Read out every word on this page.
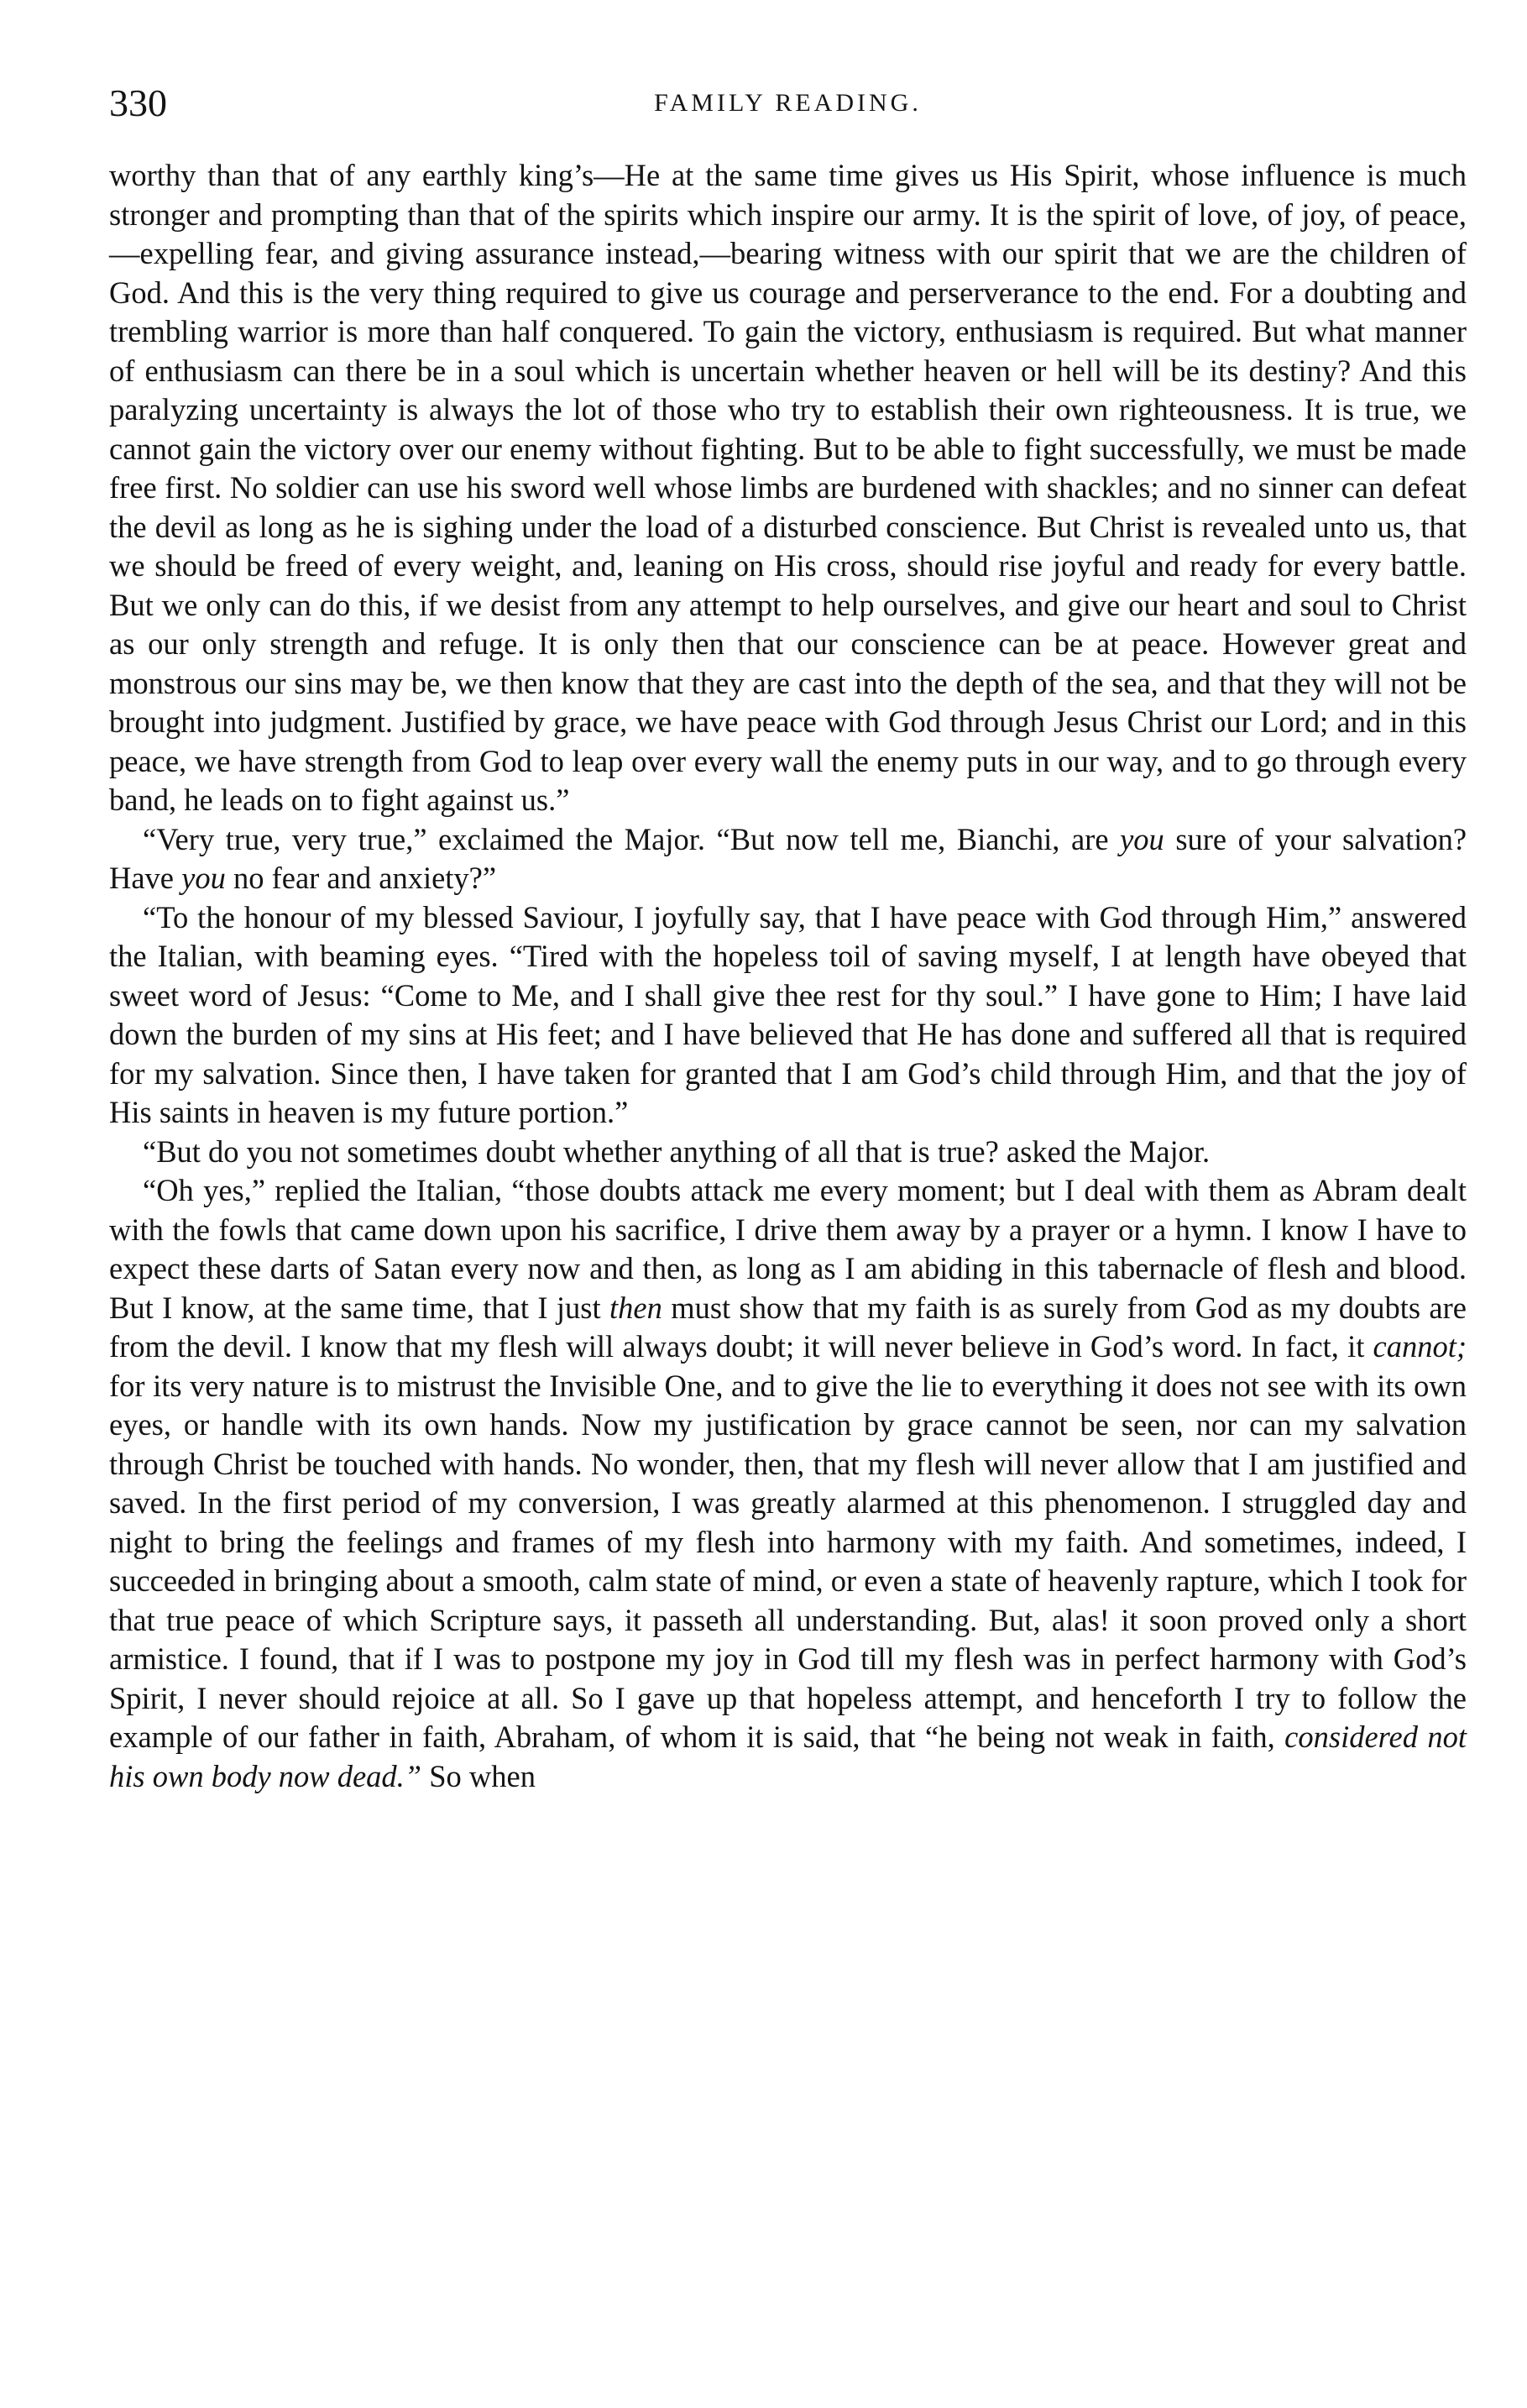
330	FAMILY READING.

worthy than that of any earthly king’s—He at the same time gives us His Spirit, whose influence is much stronger and prompting than that of the spirits which inspire our army. It is the spirit of love, of joy, of peace,—expelling fear, and giving assurance instead,—bearing witness with our spirit that we are the children of God. And this is the very thing required to give us courage and perserverance to the end. For a doubting and trembling warrior is more than half conquered. To gain the victory, enthusiasm is required. But what manner of enthusiasm can there be in a soul which is uncertain whether heaven or hell will be its destiny? And this paralyzing uncertainty is always the lot of those who try to establish their own righteousness. It is true, we cannot gain the victory over our enemy without fighting. But to be able to fight successfully, we must be made free first. No soldier can use his sword well whose limbs are burdened with shackles; and no sinner can defeat the devil as long as he is sighing under the load of a disturbed conscience. But Christ is revealed unto us, that we should be freed of every weight, and, leaning on His cross, should rise joyful and ready for every battle. But we only can do this, if we desist from any attempt to help ourselves, and give our heart and soul to Christ as our only strength and refuge. It is only then that our conscience can be at peace. However great and monstrous our sins may be, we then know that they are cast into the depth of the sea, and that they will not be brought into judgment. Justified by grace, we have peace with God through Jesus Christ our Lord; and in this peace, we have strength from God to leap over every wall the enemy puts in our way, and to go through every band, he leads on to fight against us.”

“Very true, very true,” exclaimed the Major. “But now tell me, Bianchi, are you sure of your salvation? Have you no fear and anxiety?”

“To the honour of my blessed Saviour, I joyfully say, that I have peace with God through Him,” answered the Italian, with beaming eyes. “Tired with the hopeless toil of saving myself, I at length have obeyed that sweet word of Jesus: “Come to Me, and I shall give thee rest for thy soul.” I have gone to Him; I have laid down the burden of my sins at His feet; and I have believed that He has done and suffered all that is required for my salvation. Since then, I have taken for granted that I am God’s child through Him, and that the joy of His saints in heaven is my future portion.”

“But do you not sometimes doubt whether anything of all that is true? asked the Major.

“Oh yes,” replied the Italian, “those doubts attack me every moment; but I deal with them as Abram dealt with the fowls that came down upon his sacrifice, I drive them away by a prayer or a hymn. I know I have to expect these darts of Satan every now and then, as long as I am abiding in this tabernacle of flesh and blood. But I know, at the same time, that I just then must show that my faith is as surely from God as my doubts are from the devil. I know that my flesh will always doubt; it will never believe in God’s word. In fact, it cannot; for its very nature is to mistrust the Invisible One, and to give the lie to everything it does not see with its own eyes, or handle with its own hands. Now my justification by grace cannot be seen, nor can my salvation through Christ be touched with hands. No wonder, then, that my flesh will never allow that I am justified and saved. In the first period of my conversion, I was greatly alarmed at this phenomenon. I struggled day and night to bring the feelings and frames of my flesh into harmony with my faith. And sometimes, indeed, I succeeded in bringing about a smooth, calm state of mind, or even a state of heavenly rapture, which I took for that true peace of which Scripture says, it passeth all understanding. But, alas! it soon proved only a short armistice. I found, that if I was to postpone my joy in God till my flesh was in perfect harmony with God’s Spirit, I never should rejoice at all. So I gave up that hopeless attempt, and henceforth I try to follow the example of our father in faith, Abraham, of whom it is said, that “he being not weak in faith, considered not his own body now dead.” So when
